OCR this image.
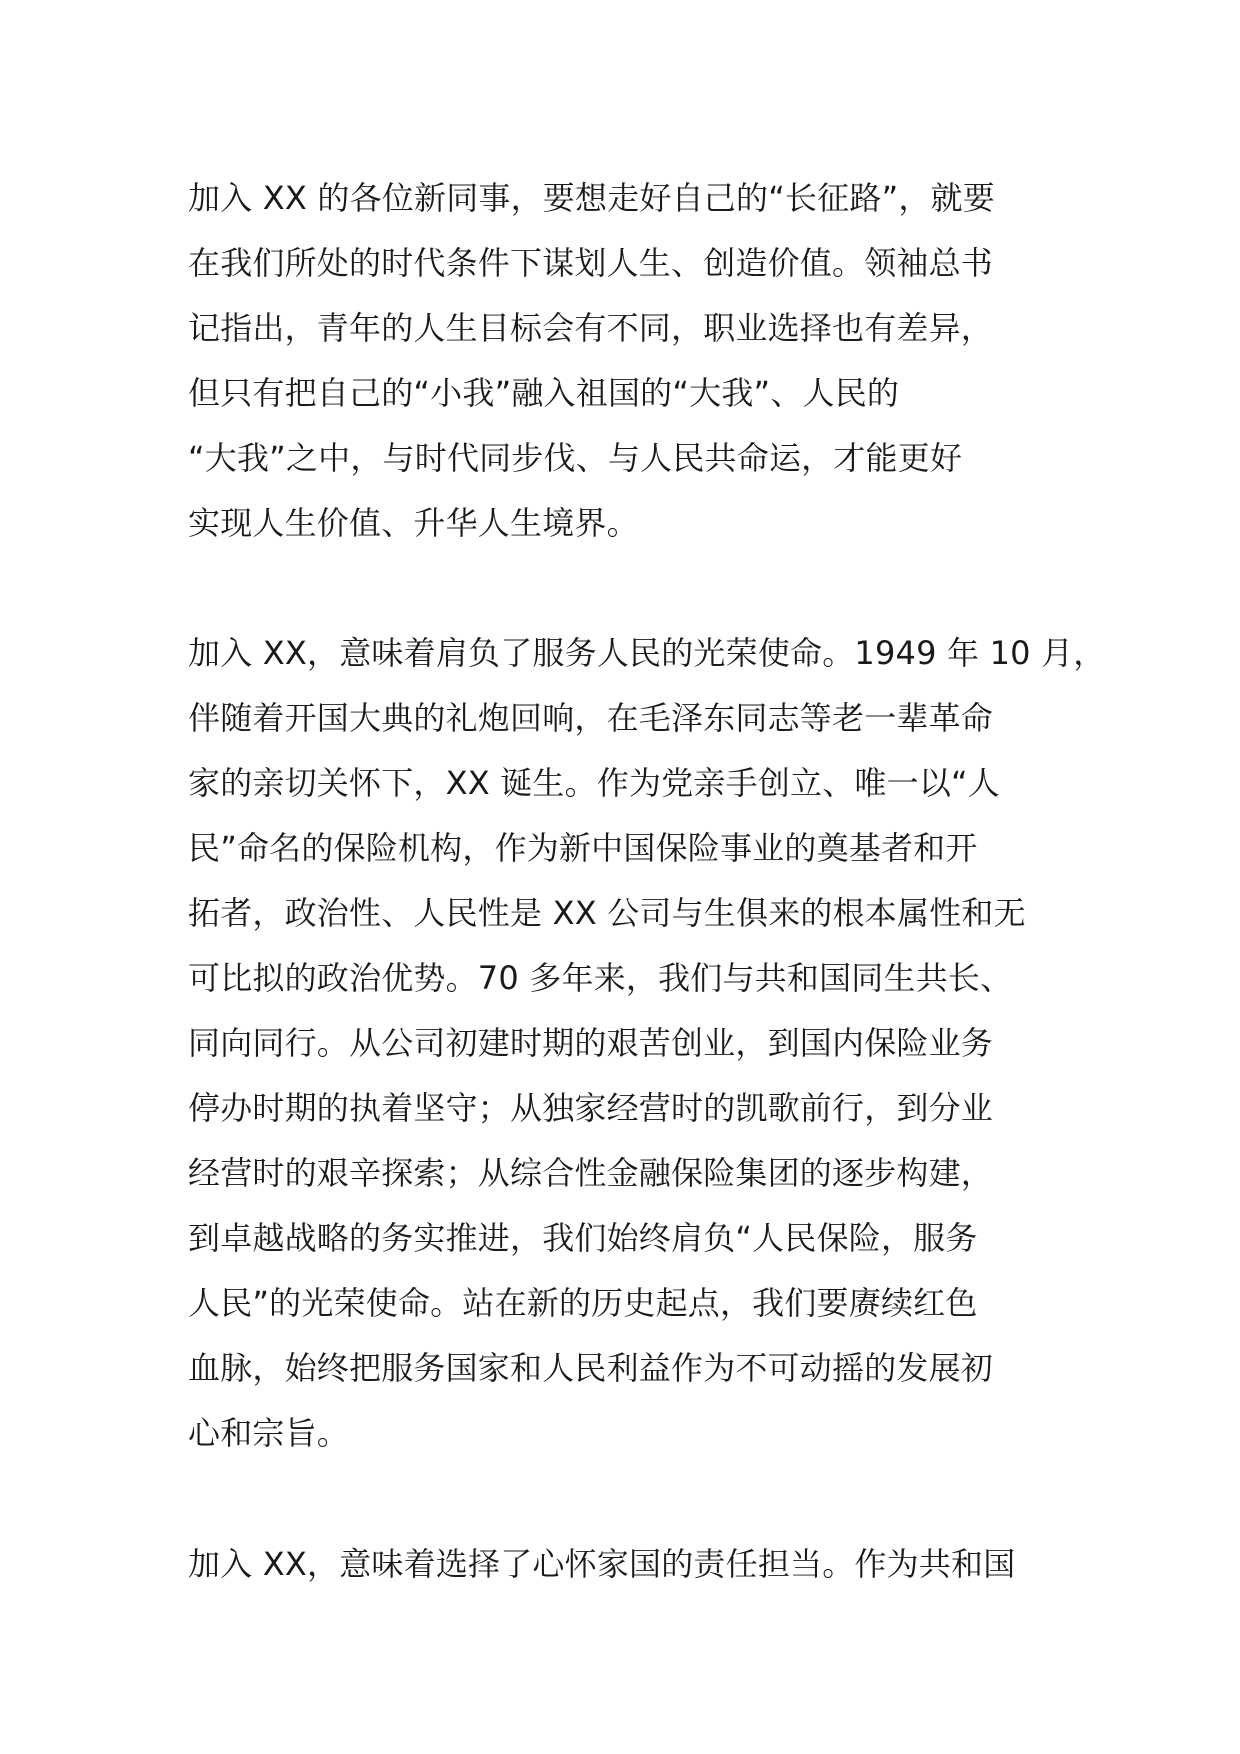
加入 XX 的各位新同事，要想走好自己的“长征路”，就要
在我们所处的时代条件下谋划人生、创造价值。领袖总书
记指出，青年的人生目标会有不同，职业选择也有差异，
但只有把自己的“小我”融入祖国的“大我”、人民的
“大我”之中，与时代同步伐、与人民共命运，才能更好
实现人生价值、升华人生境界。
加入 XX，意味着肩负了服务人民的光荣使命。1949 年 10 月，
伴随着开国大典的礼炮回响，在毛泽东同志等老一辈革命
家的亲切关怀下，XX 诞生。作为党亲手创立、唯一以“人
民”命名的保险机构，作为新中国保险事业的奠基者和开
拓者，政治性、人民性是 XX 公司与生俱来的根本属性和无
可比拟的政治优势。70 多年来，我们与共和国同生共长、
同向同行。从公司初建时期的艰苦创业，到国内保险业务
停办时期的执着坚守；从独家经营时的凯歌前行，到分业
经营时的艰辛探索；从综合性金融保险集团的逐步构建，
到卓越战略的务实推进，我们始终肩负“人民保险，服务
人民”的光荣使命。站在新的历史起点，我们要赓续红色
血脉，始终把服务国家和人民利益作为不可动摇的发展初
心和宗旨。
加入 XX，意味着选择了心怀家国的责任担当。作为共和国
